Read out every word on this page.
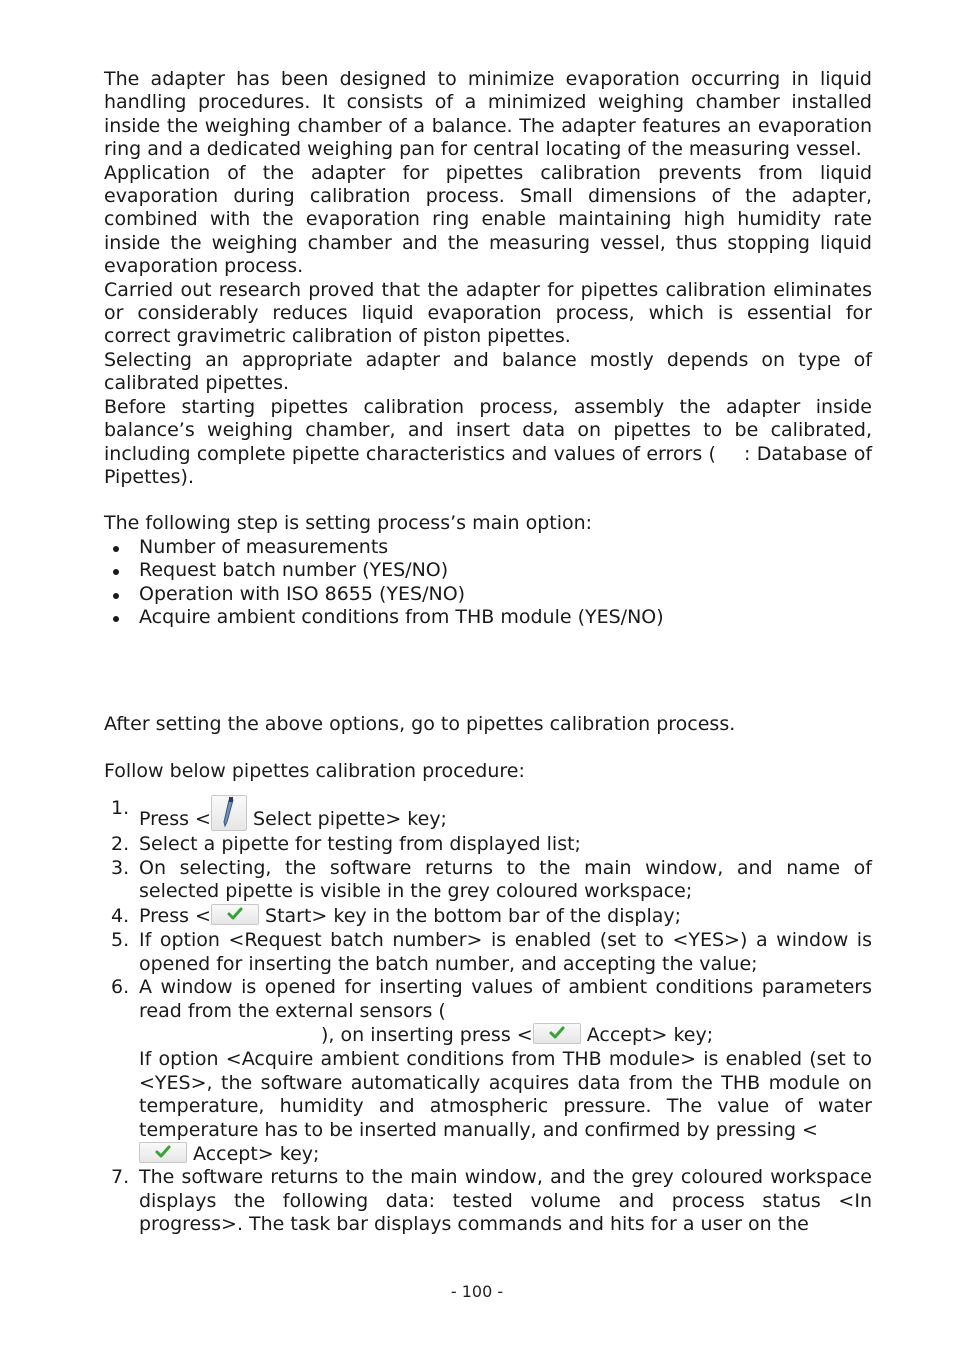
The adapter has been designed to minimize evaporation occurring in liquid handling procedures. It consists of a minimized weighing chamber installed inside the weighing chamber of a balance. The adapter features an evaporation ring and a dedicated weighing pan for central locating of the measuring vessel.

Application of the adapter for pipettes calibration prevents from liquid evaporation during calibration process. Small dimensions of the adapter, combined with the evaporation ring enable maintaining high humidity rate inside the weighing chamber and the measuring vessel, thus stopping liquid evaporation process.

Carried out research proved that the adapter for pipettes calibration eliminates or considerably reduces liquid evaporation process, which is essential for correct gravimetric calibration of piston pipettes.

Selecting an appropriate adapter and balance mostly depends on type of calibrated pipettes.

Before starting pipettes calibration process, assembly the adapter inside balance’s weighing chamber, and insert data on pipettes to be calibrated, including complete pipette characteristics and values of errors ( : Database of Pipettes).

The following step is setting process’s main option:

Number of measurements
Request batch number (YES/NO)
Operation with ISO 8655 (YES/NO)
Acquire ambient conditions from THB module (YES/NO)

After setting the above options, go to pipettes calibration process.

Follow below pipettes calibration procedure:

1. Press <
Select pipette> key;
2. Select a pipette for testing from displayed list;
3. On selecting, the software returns to the main window, and name of selected pipette is visible in the grey coloured workspace;
4. Press <	Start> key in the bottom bar of the display;
5. If option <Request batch number> is enabled (set to <YES>) a window is opened for inserting the batch number, and accepting the value;
6. A window is opened for inserting values of ambient conditions parameters read from the external sensors (
), on inserting press <	Accept> key;
If option <Acquire ambient conditions from THB module> is enabled (set to <YES>, the software automatically acquires data from the THB module on temperature, humidity and atmospheric pressure. The value of water temperature has to be inserted manually, and confirmed by pressing <
Accept> key;
7. The software returns to the main window, and the grey coloured workspace displays the following data: tested volume and process status <In progress>. The task bar displays commands and hits for a user on the
- 100 -
